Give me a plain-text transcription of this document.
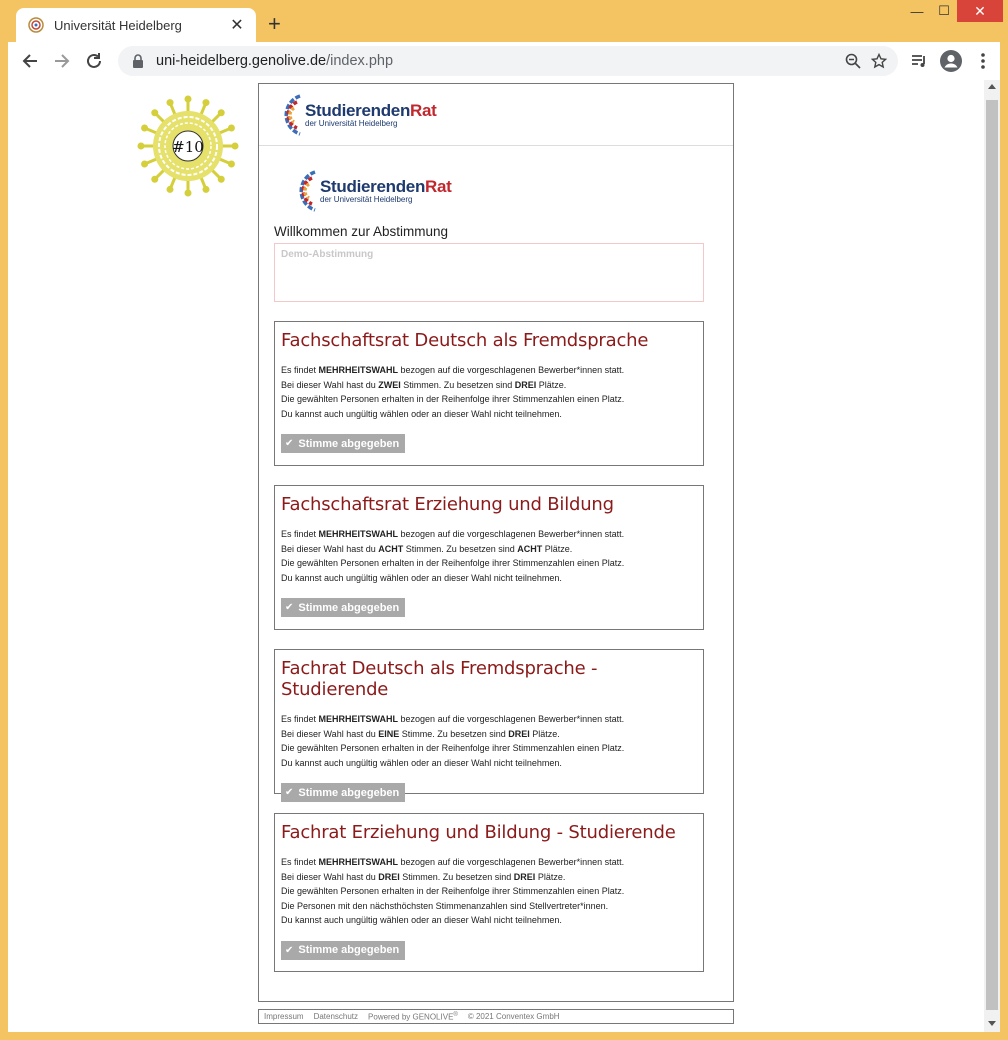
Universität Heidelberg	✕ +	—	☐	✕
uni-heidelberg.genolive.de /index.php
#10
StudierendenRat
der Universität Heidelberg
StudierendenRat
der Universität Heidelberg
Willkommen zur Abstimmung
Demo-Abstimmung
Fachschaftsrat Deutsch als Fremdsprache
Es findet MEHRHEITSWAHL bezogen auf die vorgeschlagenen Bewerber*innen statt.
Bei dieser Wahl hast du ZWEI Stimmen. Zu besetzen sind DREI Plätze.
Die gewählten Personen erhalten in der Reihenfolge ihrer Stimmenzahlen einen Platz.
Du kannst auch ungültig wählen oder an dieser Wahl nicht teilnehmen.
✔ Stimme abgegeben
Fachschaftsrat Erziehung und Bildung
Es findet MEHRHEITSWAHL bezogen auf die vorgeschlagenen Bewerber*innen statt.
Bei dieser Wahl hast du ACHT Stimmen. Zu besetzen sind ACHT Plätze.
Die gewählten Personen erhalten in der Reihenfolge ihrer Stimmenzahlen einen Platz.
Du kannst auch ungültig wählen oder an dieser Wahl nicht teilnehmen.
✔ Stimme abgegeben
Fachrat Deutsch als Fremdsprache - Studierende
Es findet MEHRHEITSWAHL bezogen auf die vorgeschlagenen Bewerber*innen statt.
Bei dieser Wahl hast du EINE Stimme. Zu besetzen sind DREI Plätze.
Die gewählten Personen erhalten in der Reihenfolge ihrer Stimmenzahlen einen Platz.
Du kannst auch ungültig wählen oder an dieser Wahl nicht teilnehmen.
✔ Stimme abgegeben
Fachrat Erziehung und Bildung - Studierende
Es findet MEHRHEITSWAHL bezogen auf die vorgeschlagenen Bewerber*innen statt.
Bei dieser Wahl hast du DREI Stimmen. Zu besetzen sind DREI Plätze.
Die gewählten Personen erhalten in der Reihenfolge ihrer Stimmenzahlen einen Platz.
Die Personen mit den nächsthöchsten Stimmenanzahlen sind Stellvertreter*innen.
Du kannst auch ungültig wählen oder an dieser Wahl nicht teilnehmen.
✔ Stimme abgegeben
Impressum Datenschutz Powered by GENOLIVE® © 2021 Conventex GmbH
